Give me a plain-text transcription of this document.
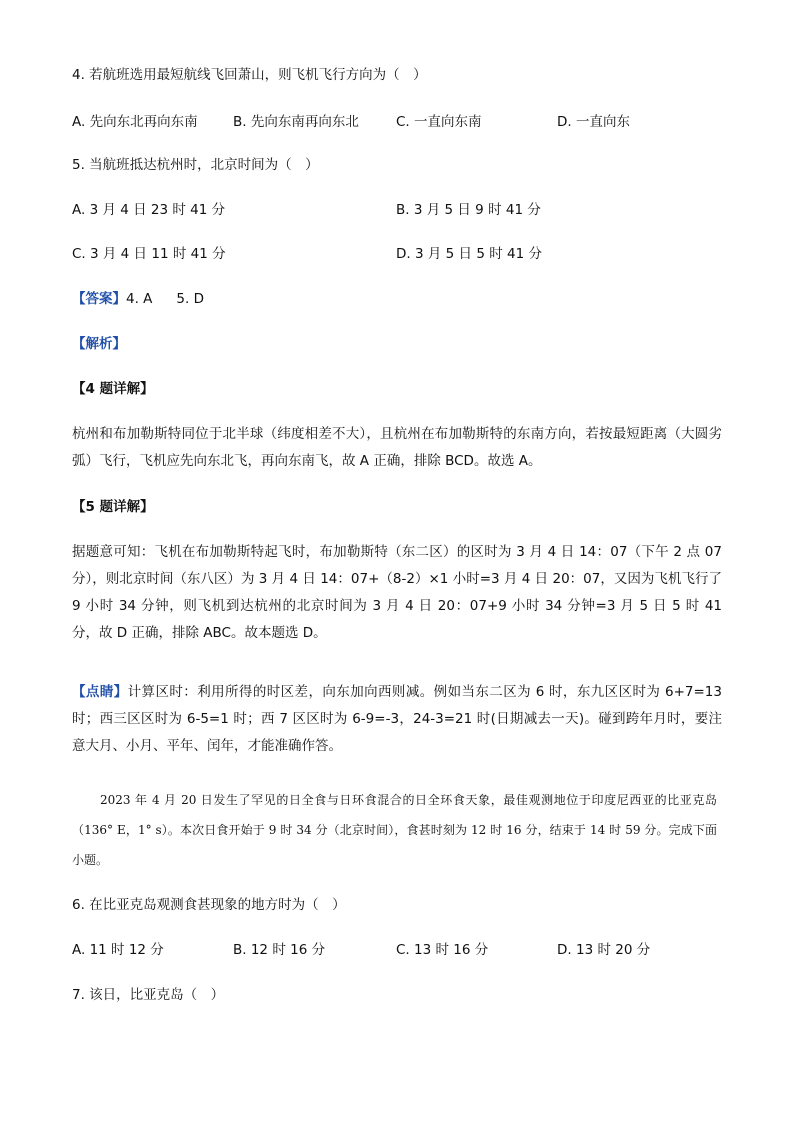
4. 若航班选用最短航线飞回萧山，则飞机飞行方向为（　）
A. 先向东北再向东南	B. 先向东南再向东北	C. 一直向东南	D. 一直向东
5. 当航班抵达杭州时，北京时间为（　）
A. 3 月 4 日 23 时 41 分	B. 3 月 5 日 9 时 41 分
C. 3 月 4 日 11 时 41 分	D. 3 月 5 日 5 时 41 分
【答案】4. A 5. D
【解析】
【4 题详解】
杭州和布加勒斯特同位于北半球（纬度相差不大），且杭州在布加勒斯特的东南方向，若按最短距离（大圆劣弧）飞行，飞机应先向东北飞，再向东南飞，故 A 正确，排除 BCD。故选 A。
【5 题详解】
据题意可知：飞机在布加勒斯特起飞时，布加勒斯特（东二区）的区时为 3 月 4 日 14：07（下午 2 点 07 分），则北京时间（东八区）为 3 月 4 日 14：07+（8-2）×1 小时=3 月 4 日 20：07，又因为飞机飞行了 9 小时 34 分钟，则飞机到达杭州的北京时间为 3 月 4 日 20：07+9 小时 34 分钟=3 月 5 日 5 时 41 分，故 D 正确，排除 ABC。故本题选 D。
【点睛】计算区时：利用所得的时区差，向东加向西则减。例如当东二区为 6 时，东九区区时为 6+7=13 时；西三区区时为 6-5=1 时；西 7 区区时为 6-9=-3，24-3=21 时(日期减去一天)。碰到跨年月时，要注意大月、小月、平年、闰年，才能准确作答。
2023 年 4 月 20 日发生了罕见的日全食与日环食混合的日全环食天象，最佳观测地位于印度尼西亚的比亚克岛（136° E，1° s）。本次日食开始于 9 时 34 分（北京时间），食甚时刻为 12 时 16 分，结束于 14 时 59 分。完成下面小题。
6. 在比亚克岛观测食甚现象的地方时为（　）
A. 11 时 12 分	B. 12 时 16 分	C. 13 时 16 分	D. 13 时 20 分
7. 该日，比亚克岛（　）
